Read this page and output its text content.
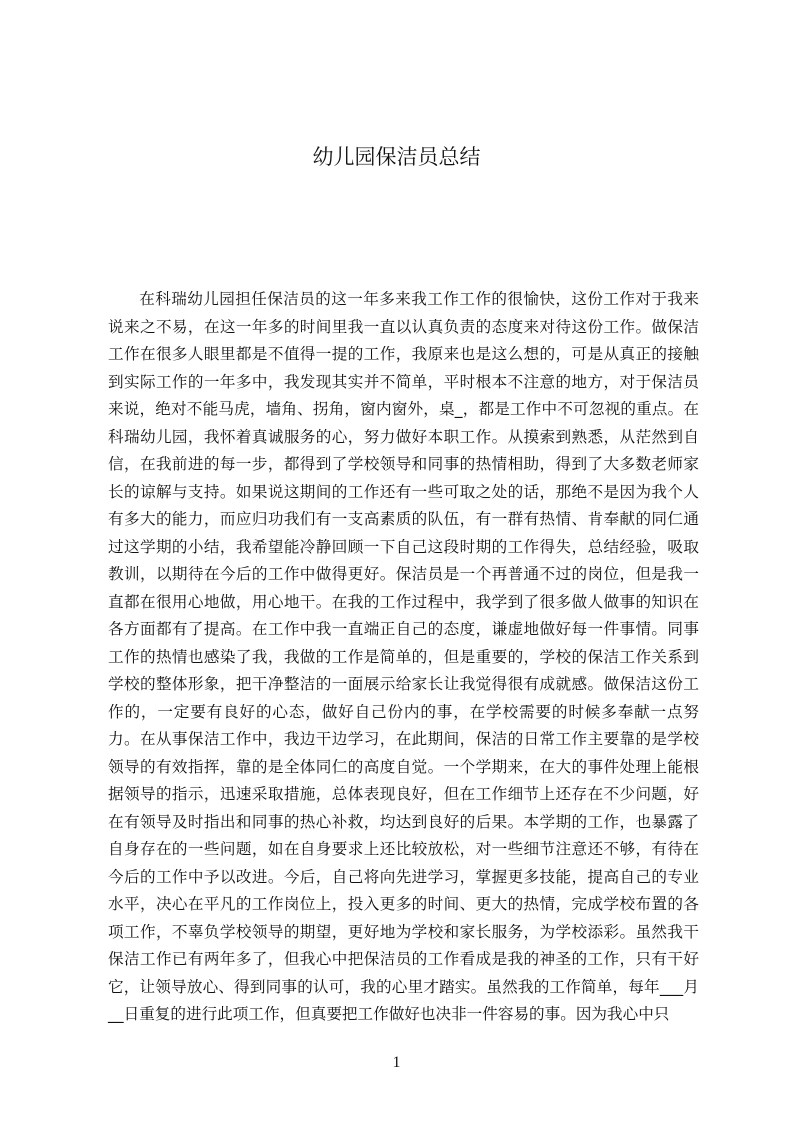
幼儿园保洁员总结

在科瑞幼儿园担任保洁员的这一年多来我工作工作的很愉快，这份工作对于我来说来之不易，在这一年多的时间里我一直以认真负责的态度来对待这份工作。做保洁工作在很多人眼里都是不值得一提的工作，我原来也是这么想的，可是从真正的接触到实际工作的一年多中，我发现其实并不简单，平时根本不注意的地方，对于保洁员来说，绝对不能马虎，墙角、拐角，窗内窗外，桌_，都是工作中不可忽视的重点。在科瑞幼儿园，我怀着真诚服务的心，努力做好本职工作。从摸索到熟悉，从茫然到自信，在我前进的每一步，都得到了学校领导和同事的热情相助，得到了大多数老师家长的谅解与支持。如果说这期间的工作还有一些可取之处的话，那绝不是因为我个人有多大的能力，而应归功我们有一支高素质的队伍，有一群有热情、肯奉献的同仁通过这学期的小结，我希望能冷静回顾一下自己这段时期的工作得失，总结经验，吸取教训，以期待在今后的工作中做得更好。保洁员是一个再普通不过的岗位，但是我一直都在很用心地做，用心地干。在我的工作过程中，我学到了很多做人做事的知识在各方面都有了提高。在工作中我一直端正自己的态度，谦虚地做好每一件事情。同事工作的热情也感染了我，我做的工作是简单的，但是重要的，学校的保洁工作关系到学校的整体形象，把干净整洁的一面展示给家长让我觉得很有成就感。做保洁这份工作的，一定要有良好的心态，做好自己份内的事，在学校需要的时候多奉献一点努力。在从事保洁工作中，我边干边学习，在此期间，保洁的日常工作主要靠的是学校领导的有效指挥，靠的是全体同仁的高度自觉。一个学期来，在大的事件处理上能根据领导的指示，迅速采取措施，总体表现良好，但在工作细节上还存在不少问题，好在有领导及时指出和同事的热心补救，均达到良好的后果。本学期的工作，也暴露了自身存在的一些问题，如在自身要求上还比较放松，对一些细节注意还不够，有待在今后的工作中予以改进。今后，自己将向先进学习，掌握更多技能，提高自己的专业水平，决心在平凡的工作岗位上，投入更多的时间、更大的热情，完成学校布置的各项工作，不辜负学校领导的期望，更好地为学校和家长服务，为学校添彩。虽然我干保洁工作已有两年多了，但我心中把保洁员的工作看成是我的神圣的工作，只有干好它，让领导放心、得到同事的认可，我的心里才踏实。虽然我的工作简单，每年___月__日重复的进行此项工作，但真要把工作做好也决非一件容易的事。因为我心中只

1
